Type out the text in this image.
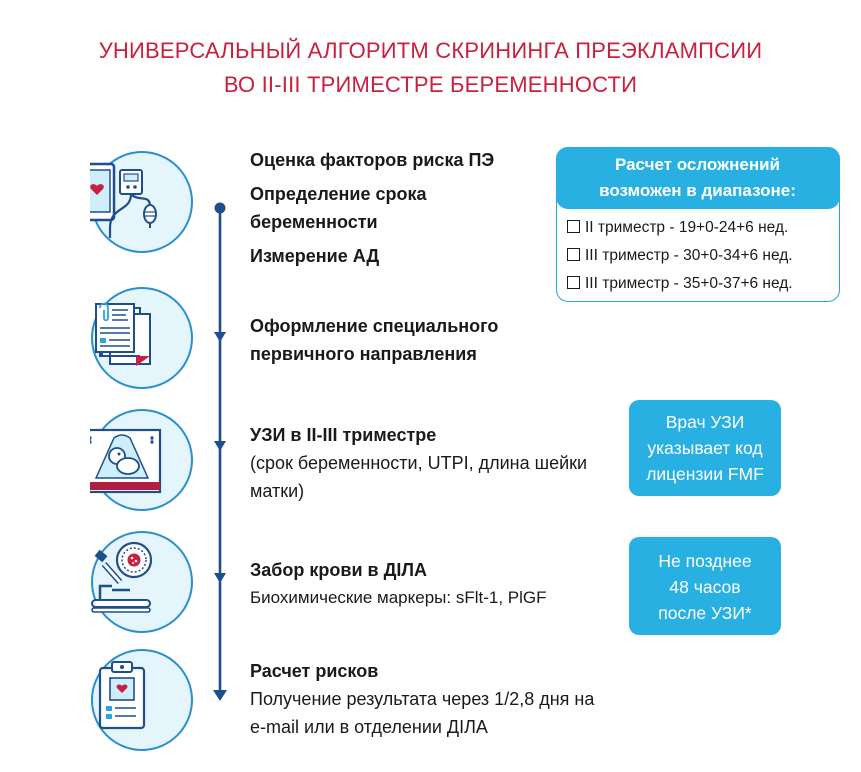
УНИВЕРСАЛЬНЫЙ АЛГОРИТМ СКРИНИНГА ПРЕЭКЛАМПСИИ
ВО II-III ТРИМЕСТРЕ БЕРЕМЕННОСТИ
Оценка факторов риска ПЭ
Определение срока
беременности
Измерение АД
Оформление специального
первичного направления
УЗИ в II-III триместре
(срок беременности, UTPI, длина шейки
матки)
Забор крови в ДIЛА
Биохимические маркеры: sFlt-1, PlGF
Расчет рисков
Получение результата через 1/2,8 дня на
e-mail или в отделении ДIЛА
Расчет осложнений
возможен в диапазоне:
II триместр - 19+0-24+6 нед.
III триместр - 30+0-34+6 нед.
III триместр - 35+0-37+6 нед.
Врач УЗИ
указывает код
лицензии FMF
Не позднее
48 часов
после УЗИ*
